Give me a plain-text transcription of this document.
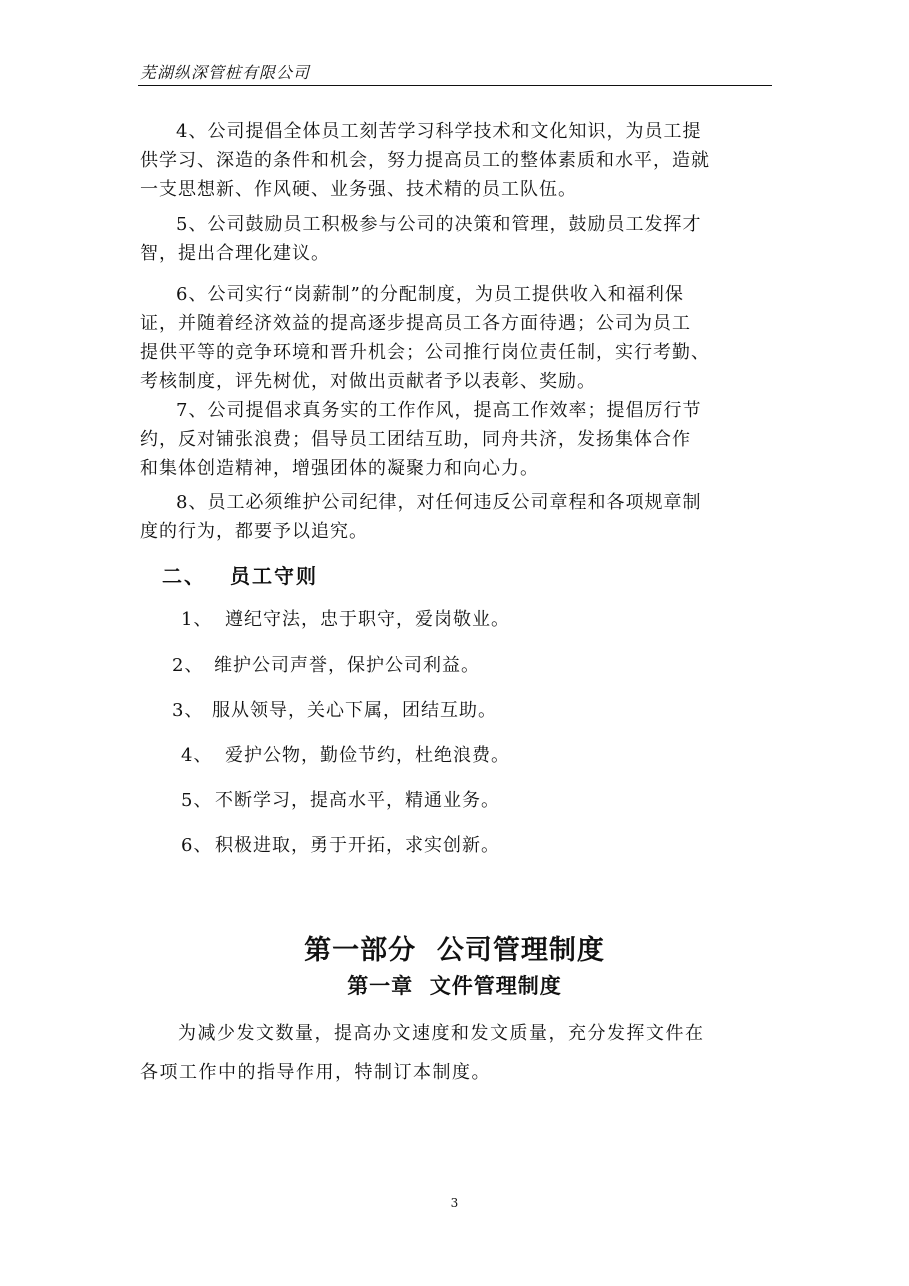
芜湖纵深管桩有限公司

4、公司提倡全体员工刻苦学习科学技术和文化知识，为员工提
供学习、深造的条件和机会，努力提高员工的整体素质和水平，造就
一支思想新、作风硬、业务强、技术精的员工队伍。

5、公司鼓励员工积极参与公司的决策和管理，鼓励员工发挥才
智，提出合理化建议。

6、公司实行“岗薪制”的分配制度，为员工提供收入和福利保
证，并随着经济效益的提高逐步提高员工各方面待遇；公司为员工
提供平等的竞争环境和晋升机会；公司推行岗位责任制，实行考勤、
考核制度，评先树优，对做出贡献者予以表彰、奖励。

7、公司提倡求真务实的工作作风，提高工作效率；提倡厉行节
约，反对铺张浪费；倡导员工团结互助，同舟共济，发扬集体合作
和集体创造精神，增强团体的凝聚力和向心力。

8、员工必须维护公司纪律，对任何违反公司章程和各项规章制
度的行为，都要予以追究。

二、 员工守则
1、 遵纪守法，忠于职守，爱岗敬业。
2、 维护公司声誉，保护公司利益。
3、 服从领导，关心下属，团结互助。
4、 爱护公物，勤俭节约，杜绝浪费。
5、 不断学习，提高水平，精通业务。
6、 积极进取，勇于开拓，求实创新。
第一部分  公司管理制度
第一章  文件管理制度

为减少发文数量，提高办文速度和发文质量，充分发挥文件在
各项工作中的指导作用，特制订本制度。

3
